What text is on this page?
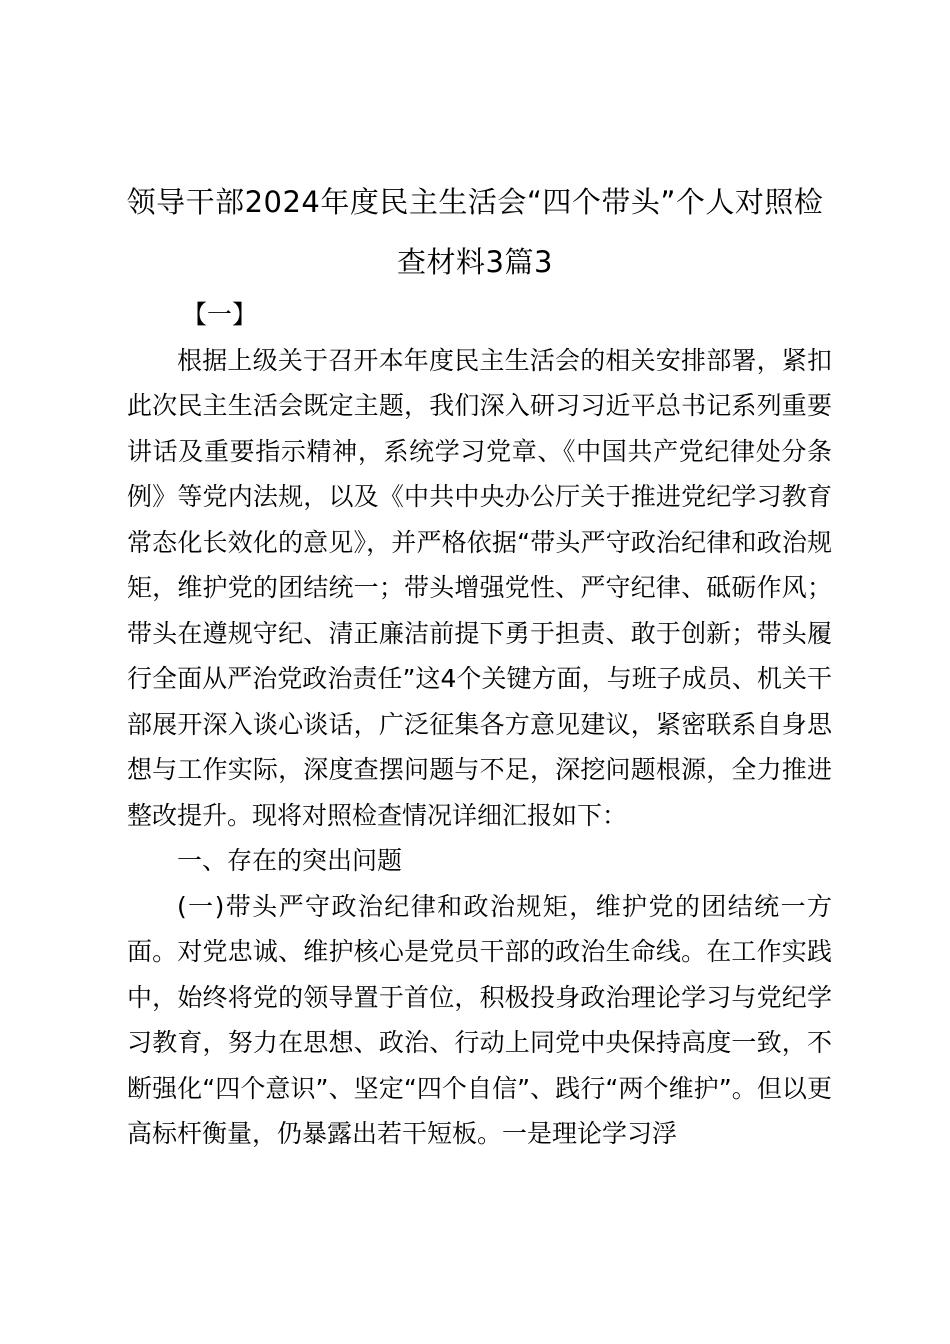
领导干部2024年度民主生活会“四个带头”个人对照检查材料3篇3

【一】

根据上级关于召开本年度民主生活会的相关安排部署，紧扣此次民主生活会既定主题，我们深入研习习近平总书记系列重要讲话及重要指示精神，系统学习党章、《中国共产党纪律处分条例》等党内法规，以及《中共中央办公厅关于推进党纪学习教育常态化长效化的意见》，并严格依据“带头严守政治纪律和政治规矩，维护党的团结统一；带头增强党性、严守纪律、砥砺作风；带头在遵规守纪、清正廉洁前提下勇于担责、敢于创新；带头履行全面从严治党政治责任”这4个关键方面，与班子成员、机关干部展开深入谈心谈话，广泛征集各方意见建议，紧密联系自身思想与工作实际，深度查摆问题与不足，深挖问题根源，全力推进整改提升。现将对照检查情况详细汇报如下：

一、存在的突出问题

(一)带头严守政治纪律和政治规矩，维护党的团结统一方面。对党忠诚、维护核心是党员干部的政治生命线。在工作实践中，始终将党的领导置于首位，积极投身政治理论学习与党纪学习教育，努力在思想、政治、行动上同党中央保持高度一致，不断强化“四个意识”、坚定“四个自信”、践行“两个维护”。但以更高标杆衡量，仍暴露出若干短板。一是理论学习浮
